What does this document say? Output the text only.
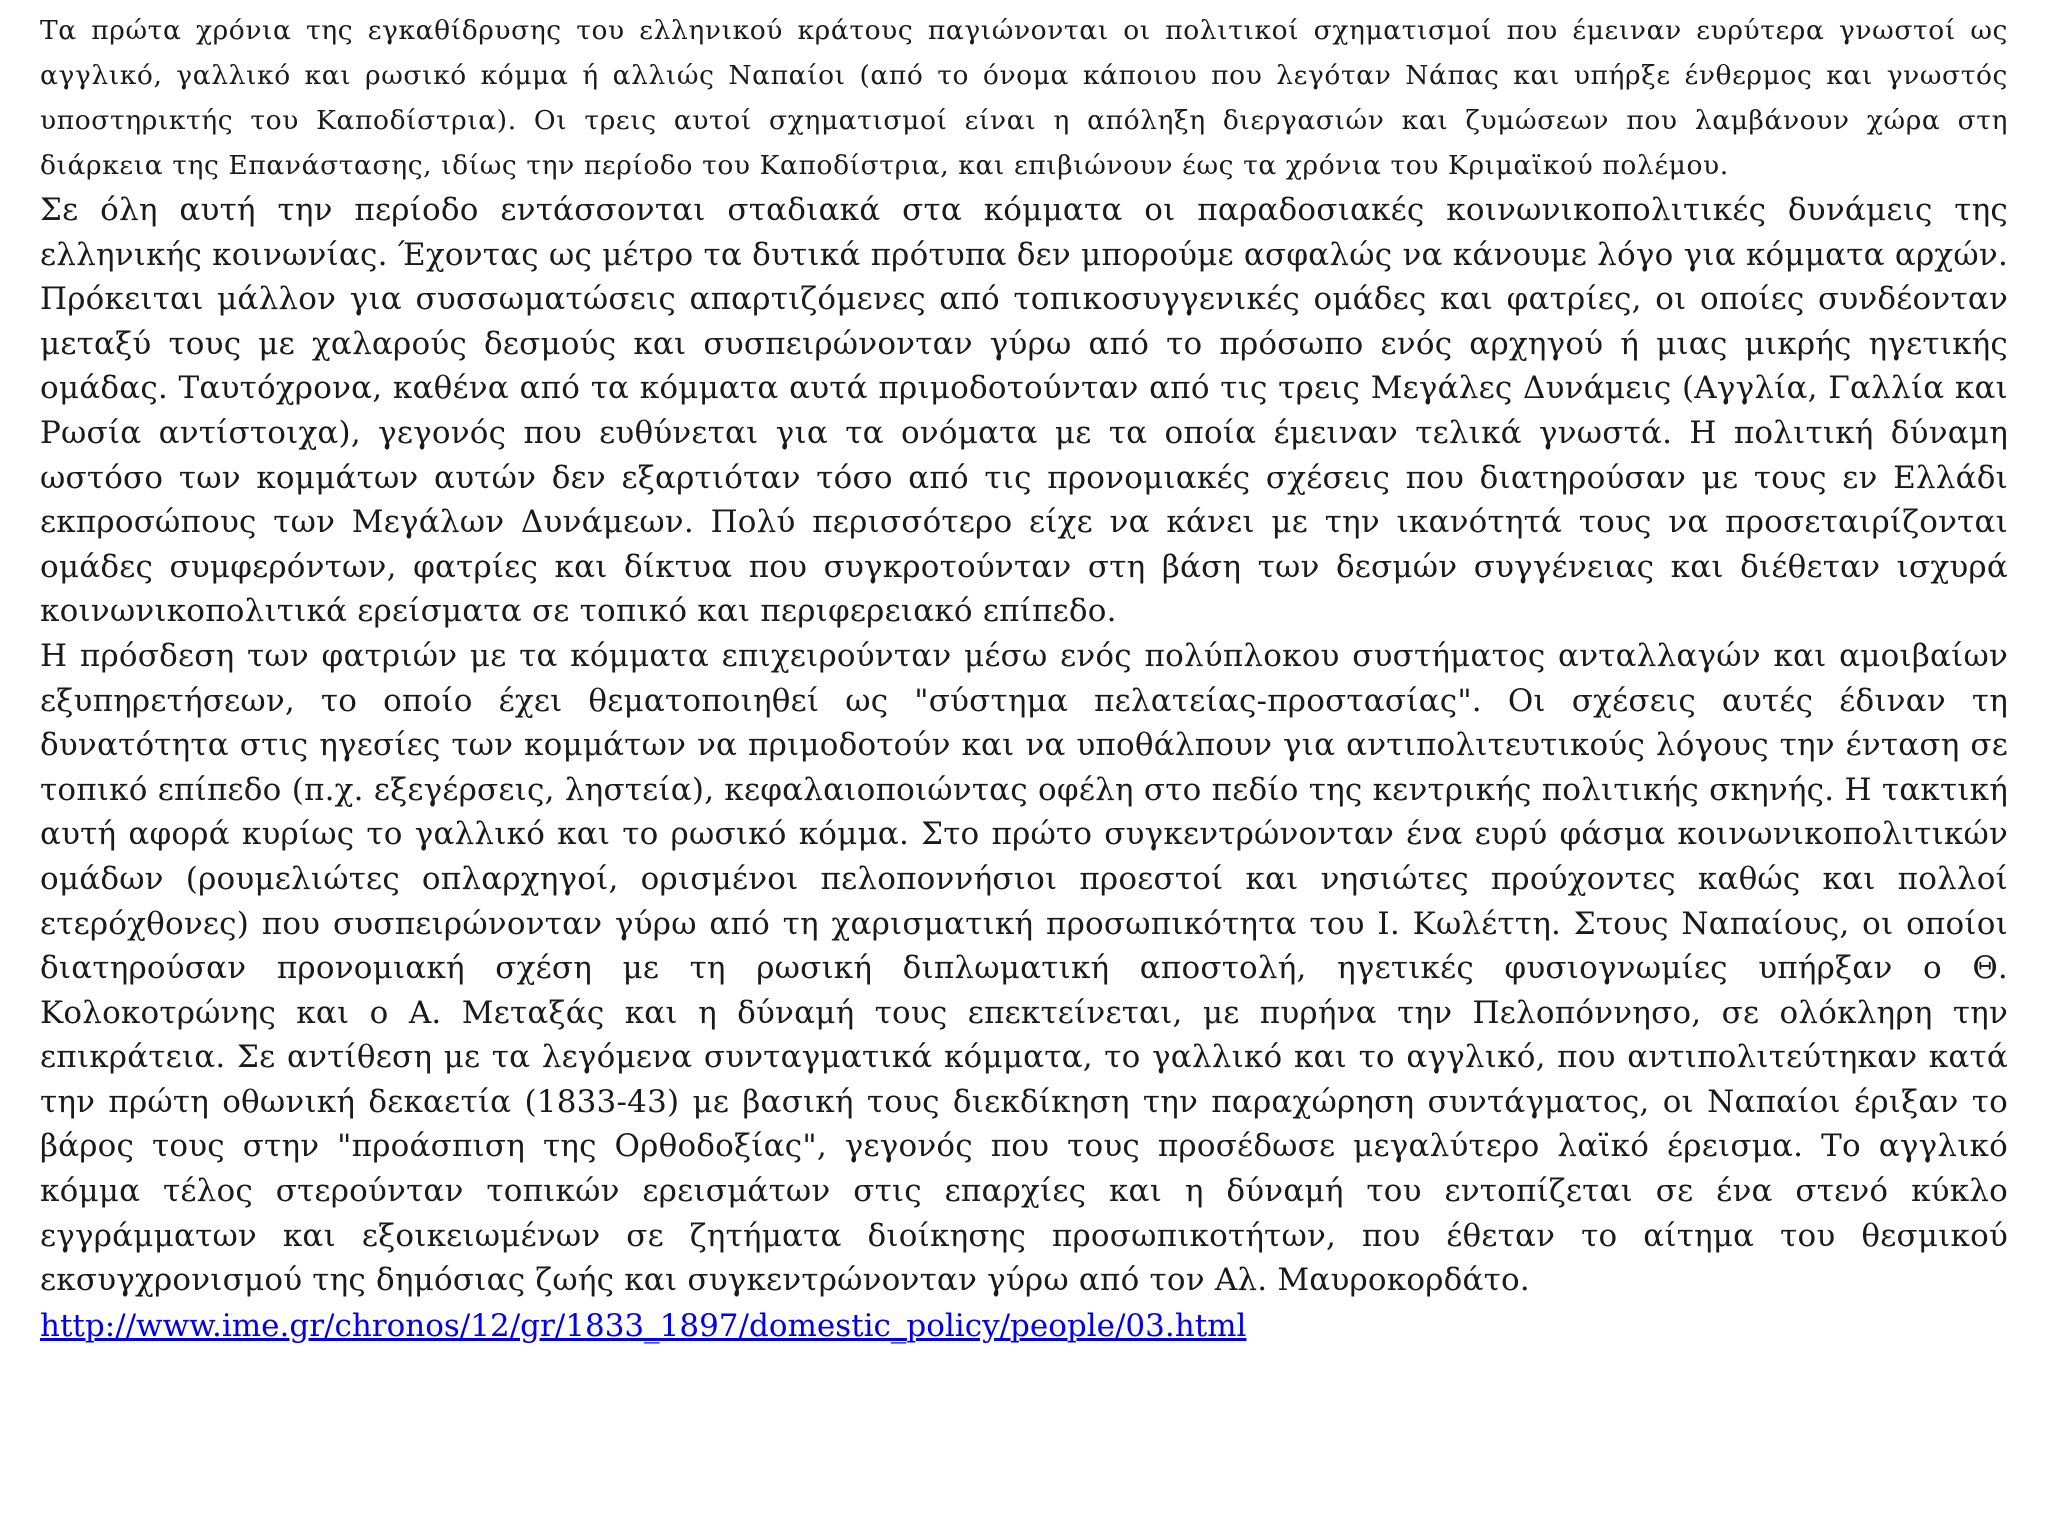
Τα πρώτα χρόνια της εγκαθίδρυσης του ελληνικού κράτους παγιώνονται οι πολιτικοί σχηματισμοί που έμειναν ευρύτερα γνωστοί ως αγγλικό, γαλλικό και ρωσικό κόμμα ή αλλιώς Ναπαίοι (από το όνομα κάποιου που λεγόταν Νάπας και υπήρξε ένθερμος και γνωστός υποστηρικτής του Καποδίστρια). Οι τρεις αυτοί σχηματισμοί είναι η απόληξη διεργασιών και ζυμώσεων που λαμβάνουν χώρα στη διάρκεια της Επανάστασης, ιδίως την περίοδο του Καποδίστρια, και επιβιώνουν έως τα χρόνια του Κριμαϊκού πολέμου.

Σε όλη αυτή την περίοδο εντάσσονται σταδιακά στα κόμματα οι παραδοσιακές κοινωνικοπολιτικές δυνάμεις της ελληνικής κοινωνίας. Έχοντας ως μέτρο τα δυτικά πρότυπα δεν μπορούμε ασφαλώς να κάνουμε λόγο για κόμματα αρχών. Πρόκειται μάλλον για συσσωματώσεις απαρτιζόμενες από τοπικοσυγγενικές ομάδες και φατρίες, οι οποίες συνδέονταν μεταξύ τους με χαλαρούς δεσμούς και συσπειρώνονταν γύρω από το πρόσωπο ενός αρχηγού ή μιας μικρής ηγετικής ομάδας. Ταυτόχρονα, καθένα από τα κόμματα αυτά πριμοδοτούνταν από τις τρεις Μεγάλες Δυνάμεις (Αγγλία, Γαλλία και Ρωσία αντίστοιχα), γεγονός που ευθύνεται για τα ονόματα με τα οποία έμειναν τελικά γνωστά. Η πολιτική δύναμη ωστόσο των κομμάτων αυτών δεν εξαρτιόταν τόσο από τις προνομιακές σχέσεις που διατηρούσαν με τους εν Ελλάδι εκπροσώπους των Μεγάλων Δυνάμεων. Πολύ περισσότερο είχε να κάνει με την ικανότητά τους να προσεταιρίζονται ομάδες συμφερόντων, φατρίες και δίκτυα που συγκροτούνταν στη βάση των δεσμών συγγένειας και διέθεταν ισχυρά κοινωνικοπολιτικά ερείσματα σε τοπικό και περιφερειακό επίπεδο.

Η πρόσδεση των φατριών με τα κόμματα επιχειρούνταν μέσω ενός πολύπλοκου συστήματος ανταλλαγών και αμοιβαίων εξυπηρετήσεων, το οποίο έχει θεματοποιηθεί ως "σύστημα πελατείας-προστασίας". Οι σχέσεις αυτές έδιναν τη δυνατότητα στις ηγεσίες των κομμάτων να πριμοδοτούν και να υποθάλπουν για αντιπολιτευτικούς λόγους την ένταση σε τοπικό επίπεδο (π.χ. εξεγέρσεις, ληστεία), κεφαλαιοποιώντας οφέλη στο πεδίο της κεντρικής πολιτικής σκηνής. Η τακτική αυτή αφορά κυρίως το γαλλικό και το ρωσικό κόμμα. Στο πρώτο συγκεντρώνονταν ένα ευρύ φάσμα κοινωνικοπολιτικών ομάδων (ρουμελιώτες οπλαρχηγοί, ορισμένοι πελοποννήσιοι προεστοί και νησιώτες προύχοντες καθώς και πολλοί ετερόχθονες) που συσπειρώνονταν γύρω από τη χαρισματική προσωπικότητα του Ι. Κωλέττη. Στους Ναπαίους, οι οποίοι διατηρούσαν προνομιακή σχέση με τη ρωσική διπλωματική αποστολή, ηγετικές φυσιογνωμίες υπήρξαν ο Θ. Κολοκοτρώνης και ο Α. Μεταξάς και η δύναμή τους επεκτείνεται, με πυρήνα την Πελοπόννησο, σε ολόκληρη την επικράτεια. Σε αντίθεση με τα λεγόμενα συνταγματικά κόμματα, το γαλλικό και το αγγλικό, που αντιπολιτεύτηκαν κατά την πρώτη οθωνική δεκαετία (1833-43) με βασική τους διεκδίκηση την παραχώρηση συντάγματος, οι Ναπαίοι έριξαν το βάρος τους στην "προάσπιση της Ορθοδοξίας", γεγονός που τους προσέδωσε μεγαλύτερο λαϊκό έρεισμα. Το αγγλικό κόμμα τέλος στερούνταν τοπικών ερεισμάτων στις επαρχίες και η δύναμή του εντοπίζεται σε ένα στενό κύκλο εγγράμματων και εξοικειωμένων σε ζητήματα διοίκησης προσωπικοτήτων, που έθεταν το αίτημα του θεσμικού εκσυγχρονισμού της δημόσιας ζωής και συγκεντρώνονταν γύρω από τον Αλ. Μαυροκορδάτο.

http://www.ime.gr/chronos/12/gr/1833_1897/domestic_policy/people/03.html
